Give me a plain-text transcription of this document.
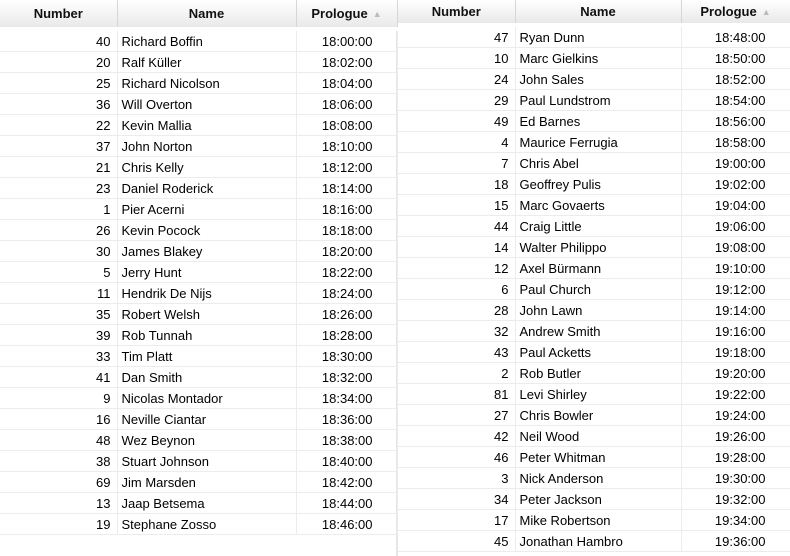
Number	Name	Prologue ▲
40	Richard Boffin	18:00:00
20	Ralf Küller	18:02:00
25	Richard Nicolson	18:04:00
36	Will Overton	18:06:00
22	Kevin Mallia	18:08:00
37	John Norton	18:10:00
21	Chris Kelly	18:12:00
23	Daniel Roderick	18:14:00
1	Pier Acerni	18:16:00
26	Kevin Pocock	18:18:00
30	James Blakey	18:20:00
5	Jerry Hunt	18:22:00
11	Hendrik De Nijs	18:24:00
35	Robert Welsh	18:26:00
39	Rob Tunnah	18:28:00
33	Tim Platt	18:30:00
41	Dan Smith	18:32:00
9	Nicolas Montador	18:34:00
16	Neville Ciantar	18:36:00
48	Wez Beynon	18:38:00
38	Stuart Johnson	18:40:00
69	Jim Marsden	18:42:00
13	Jaap Betsema	18:44:00
19	Stephane Zosso	18:46:00
Number	Name	Prologue ▲
47	Ryan Dunn	18:48:00
10	Marc Gielkins	18:50:00
24	John Sales	18:52:00
29	Paul Lundstrom	18:54:00
49	Ed Barnes	18:56:00
4	Maurice Ferrugia	18:58:00
7	Chris Abel	19:00:00
18	Geoffrey Pulis	19:02:00
15	Marc Govaerts	19:04:00
44	Craig Little	19:06:00
14	Walter Philippo	19:08:00
12	Axel Bürmann	19:10:00
6	Paul Church	19:12:00
28	John Lawn	19:14:00
32	Andrew Smith	19:16:00
43	Paul Acketts	19:18:00
2	Rob Butler	19:20:00
81	Levi Shirley	19:22:00
27	Chris Bowler	19:24:00
42	Neil Wood	19:26:00
46	Peter Whitman	19:28:00
3	Nick Anderson	19:30:00
34	Peter Jackson	19:32:00
17	Mike Robertson	19:34:00
45	Jonathan Hambro	19:36:00
